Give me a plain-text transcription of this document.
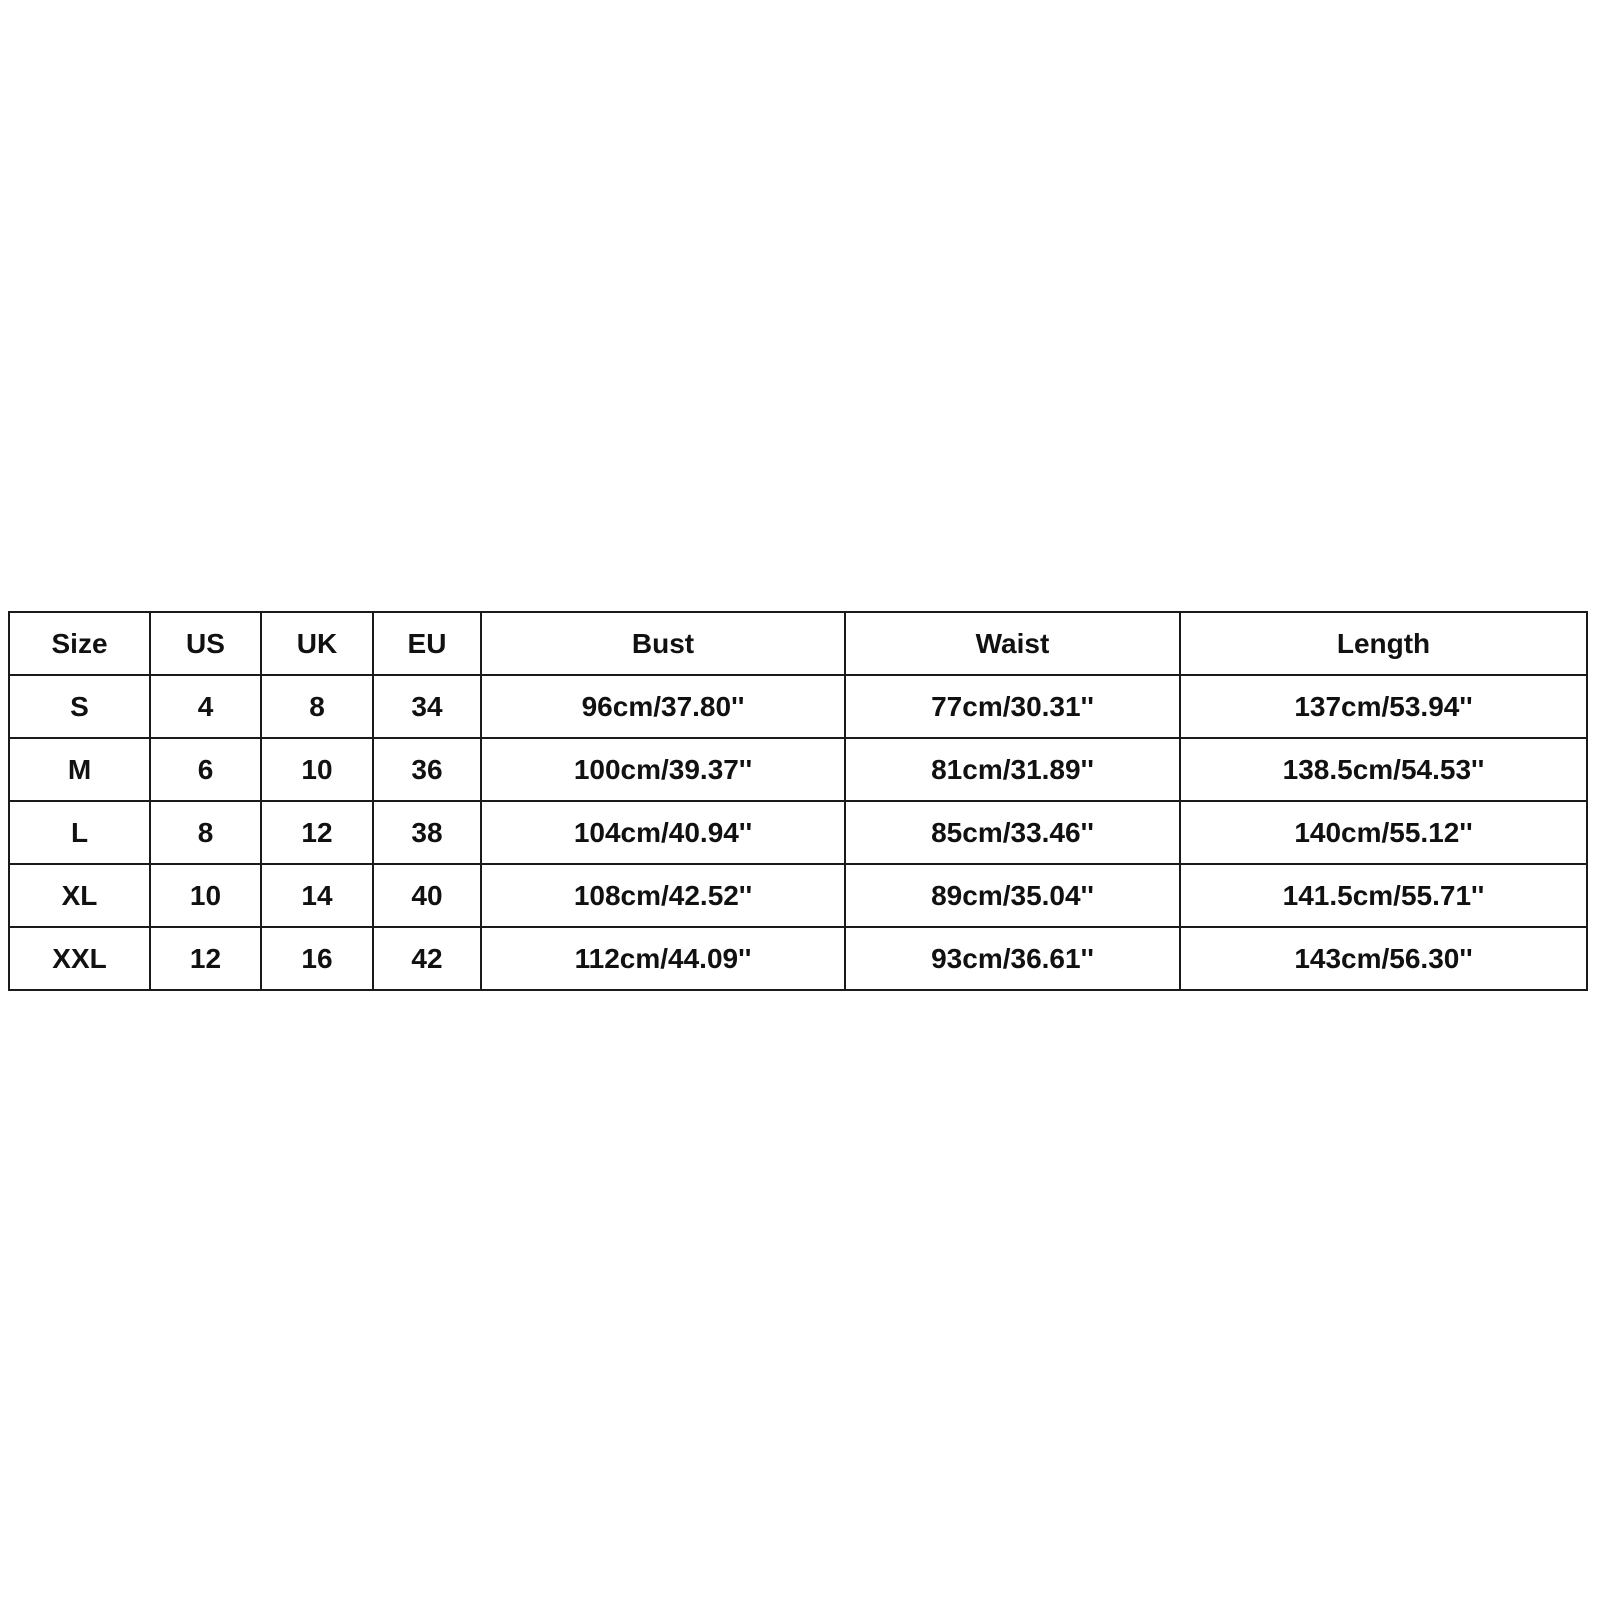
Size	US	UK	EU	Bust	Waist	Length
S	4	8	34	96cm/37.80''	77cm/30.31''	137cm/53.94''
M	6	10	36	100cm/39.37''	81cm/31.89''	138.5cm/54.53''
L	8	12	38	104cm/40.94''	85cm/33.46''	140cm/55.12''
XL	10	14	40	108cm/42.52''	89cm/35.04''	141.5cm/55.71''
XXL	12	16	42	112cm/44.09''	93cm/36.61''	143cm/56.30''
